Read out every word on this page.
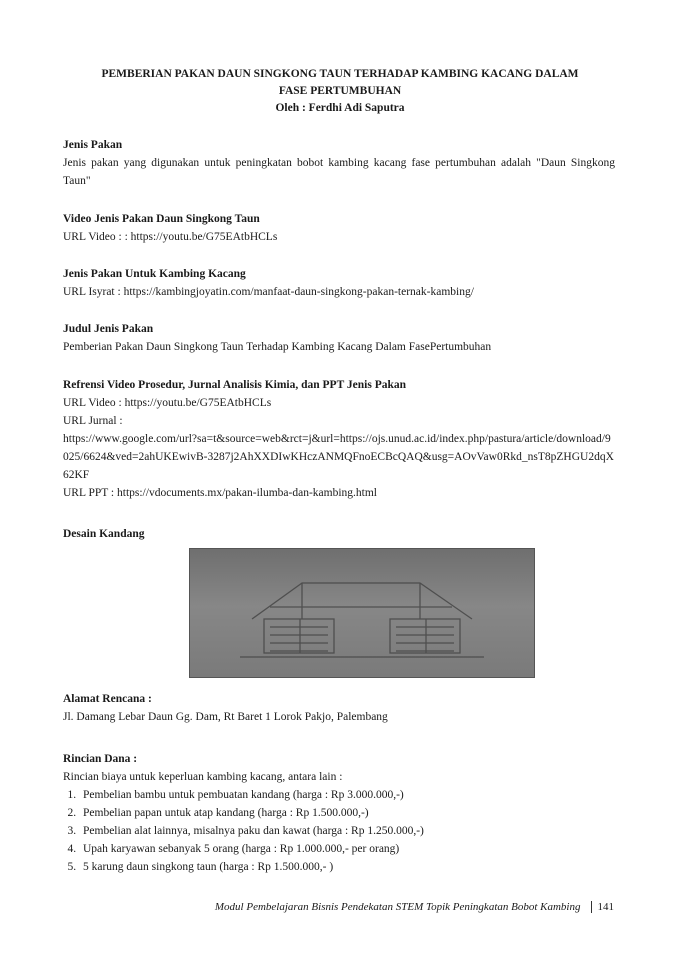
PEMBERIAN PAKAN DAUN SINGKONG TAUN TERHADAP KAMBING KACANG DALAM
FASE PERTUMBUHAN
Oleh : Ferdhi Adi Saputra
Jenis Pakan
Jenis pakan yang digunakan untuk peningkatan bobot kambing kacang fase pertumbuhan adalah "Daun Singkong Taun"
Video Jenis Pakan Daun Singkong Taun
URL Video : : https://youtu.be/G75EAtbHCLs
Jenis Pakan Untuk Kambing Kacang
URL Isyrat : https://kambingjoyatin.com/manfaat-daun-singkong-pakan-ternak-kambing/
Judul Jenis Pakan
Pemberian Pakan Daun Singkong Taun Terhadap Kambing Kacang Dalam FasePertumbuhan
Refrensi Video Prosedur, Jurnal Analisis Kimia, dan PPT Jenis Pakan
URL Video : https://youtu.be/G75EAtbHCLs
URL Jurnal :
https://www.google.com/url?sa=t&source=web&rct=j&url=https://ojs.unud.ac.id/index.php/pastura/article/download/9025/6624&ved=2ahUKEwivB-3287j2AhXXDIwKHczANMQFnoECBcQAQ&usg=AOvVaw0Rkd_nsT8pZHGU2dqX62KF
URL PPT : https://vdocuments.mx/pakan-ilumba-dan-kambing.html
Desain Kandang
Alamat Rencana :
Jl. Damang Lebar Daun Gg. Dam, Rt Baret 1 Lorok Pakjo, Palembang
Rincian Dana :
Rincian biaya untuk keperluan kambing kacang, antara lain :
1. Pembelian bambu untuk pembuatan kandang (harga : Rp 3.000.000,-)
2. Pembelian papan untuk atap kandang (harga : Rp 1.500.000,-)
3. Pembelian alat lainnya, misalnya paku dan kawat (harga : Rp 1.250.000,-)
4. Upah karyawan sebanyak 5 orang (harga : Rp 1.000.000,- per orang)
5. 5 karung daun singkong taun (harga : Rp 1.500.000,- )
Modul Pembelajaran Bisnis Pendekatan STEM Topik Peningkatan Bobot Kambing 141
